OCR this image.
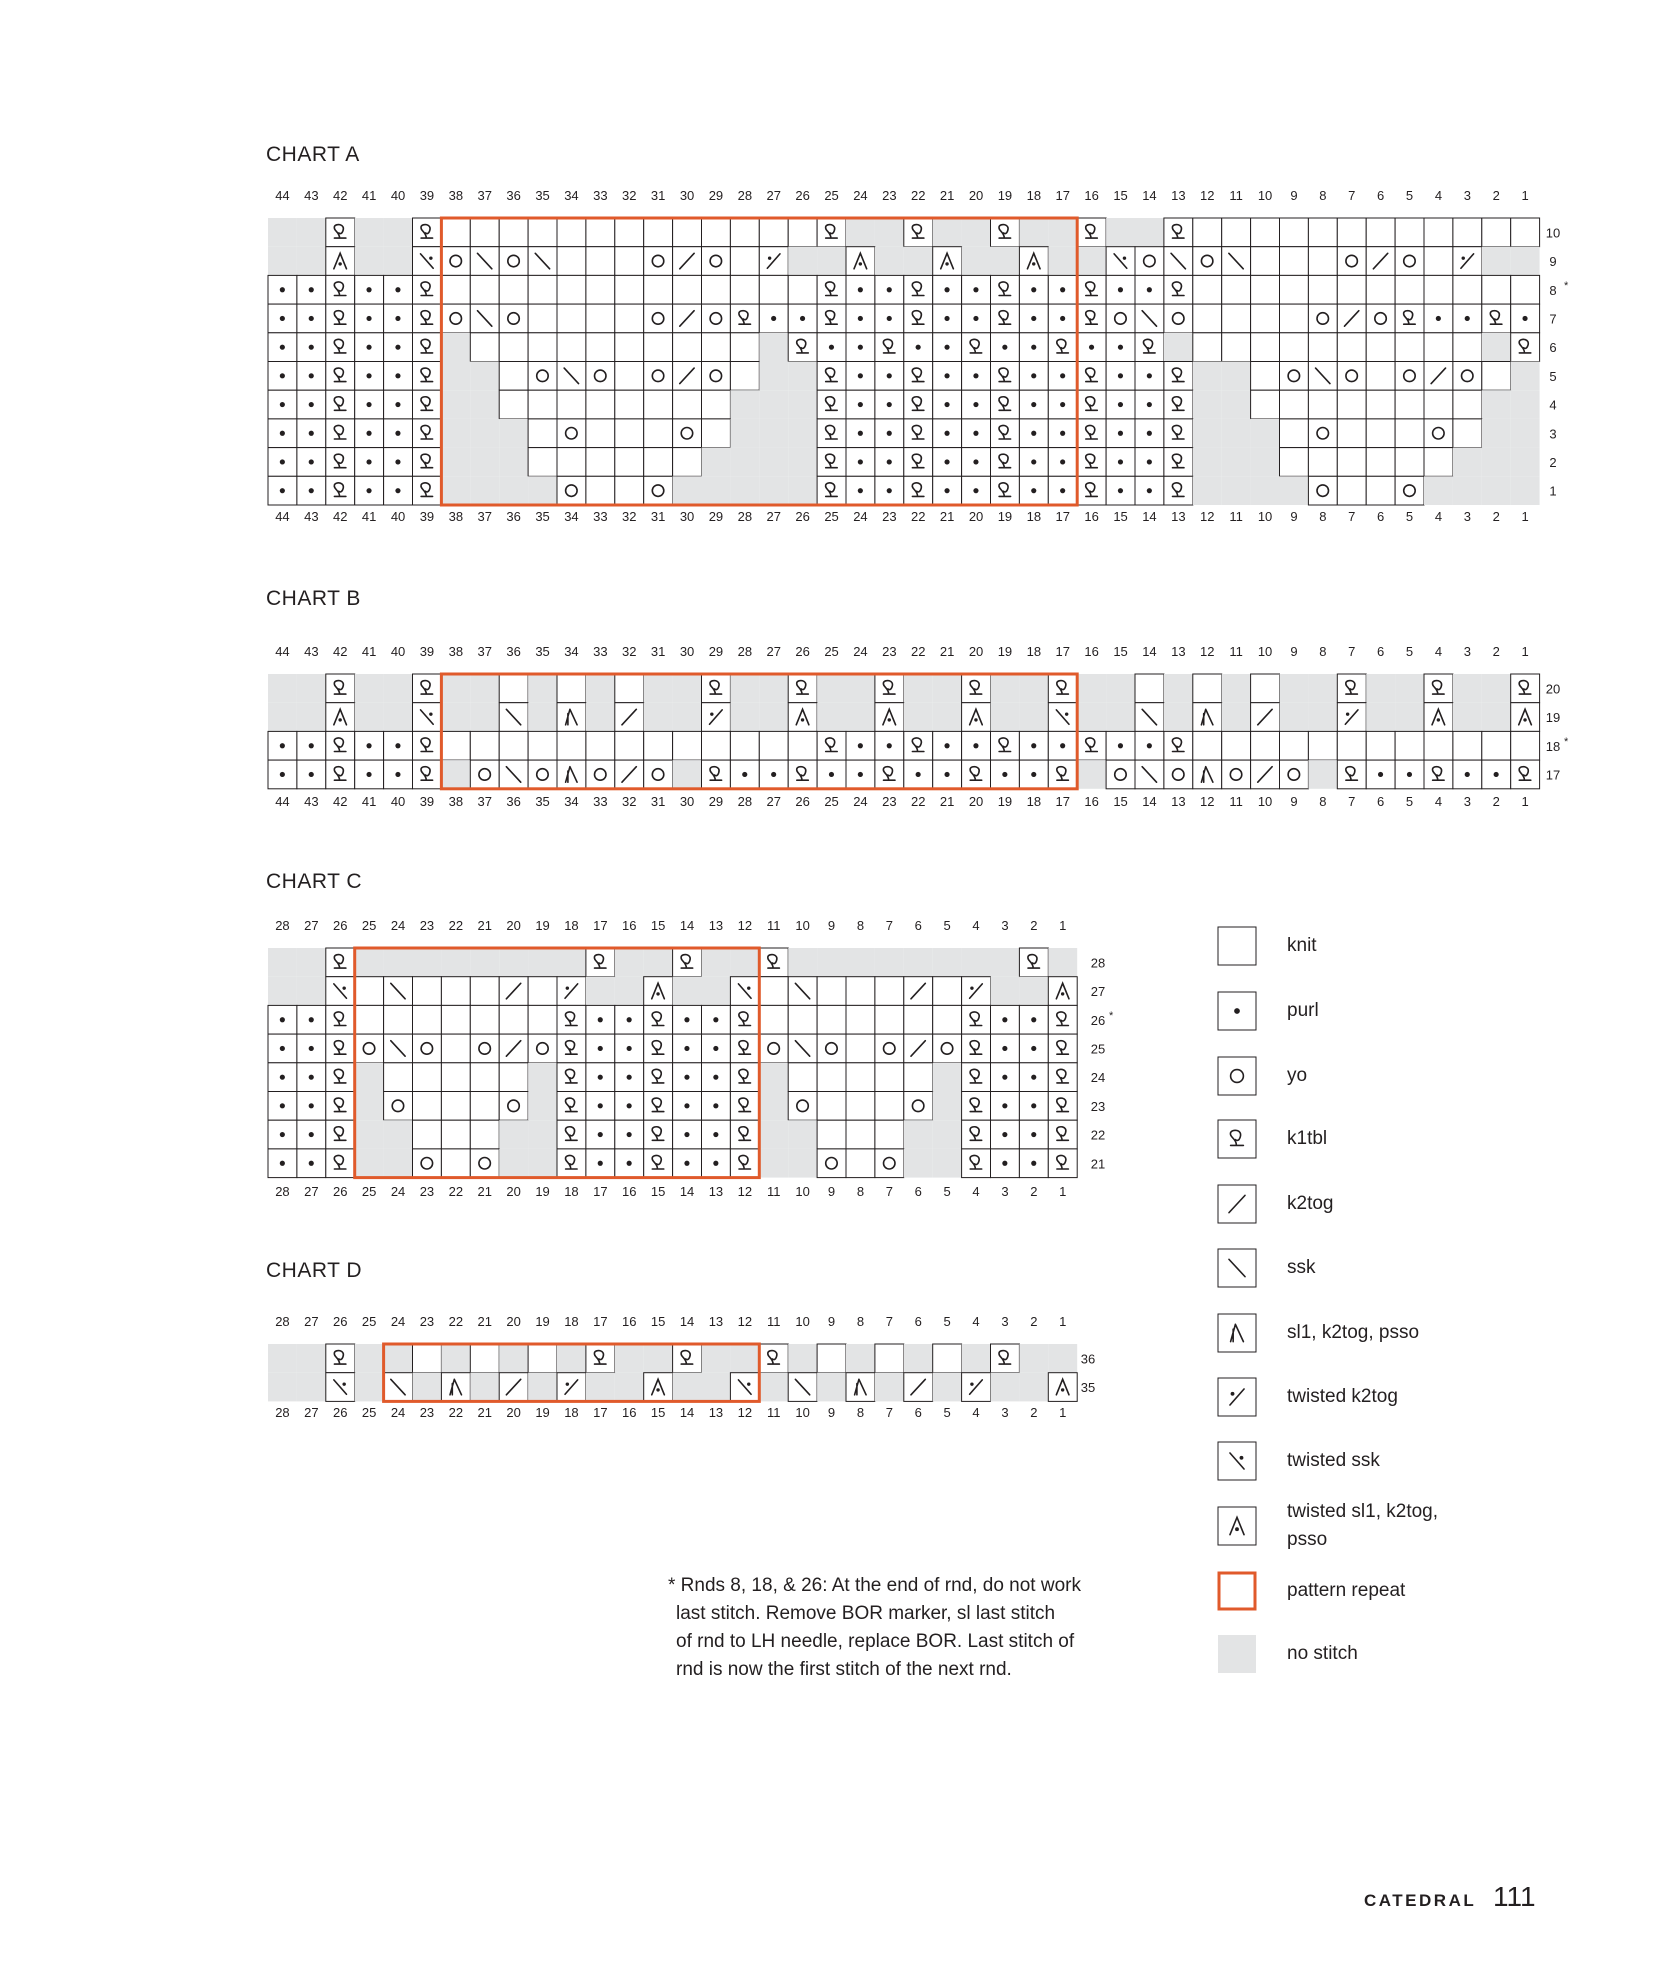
CHART A
44
44
43
43
42
42
41
41
40
40
39
39
38
38
37
37
36
36
35
35
34
34
33
33
32
32
31
31
30
30
29
29
28
28
27
27
26
26
25
25
24
24
23
23
22
22
21
21
20
20
19
19
18
18
17
17
16
16
15
15
14
14
13
13
12
12
11
11
10
10
9
9
8
8
7
7
6
6
5
5
4
4
3
3
2
2
1
1
10
9
8 *
7
6
5
4
3
2
1
CHART B
44
44
43
43
42
42
41
41
40
40
39
39
38
38
37
37
36
36
35
35
34
34
33
33
32
32
31
31
30
30
29
29
28
28
27
27
26
26
25
25
24
24
23
23
22
22
21
21
20
20
19
19
18
18
17
17
16
16
15
15
14
14
13
13
12
12
11
11
10
10
9
9
8
8
7
7
6
6
5
5
4
4
3
3
2
2
1
1
20
19
18 *
17
CHART C
28
28
27
27
26
26
25
25
24
24
23
23
22
22
21
21
20
20
19
19
18
18
17
17
16
16
15
15
14
14
13
13
12
12
11
11
10
10
9
9
8
8
7
7
6
6
5
5
4
4
3
3
2
2
1
1
28
27
26 *
25
24
23
22
21
CHART D
28
28
27
27
26
26
25
25
24
24
23
23
22
22
21
21
20
20
19
19
18
18
17
17
16
16
15
15
14
14
13
13
12
12
11
11
10
10
9
9
8
8
7
7
6
6
5
5
4
4
3
3
2
2
1
1
36
35
knit
purl
yo
k1tbl
k2tog
ssk
sl1, k2tog, psso
twisted k2tog
twisted ssk
twisted sl1, k2tog,
psso
pattern repeat
no stitch

* Rnds 8, 18, & 26: At the end of rnd, do not work

last stitch. Remove BOR marker, sl last stitch

of rnd to LH needle, replace BOR. Last stitch of

rnd is now the first stitch of the next rnd.

CATEDRAL 111
